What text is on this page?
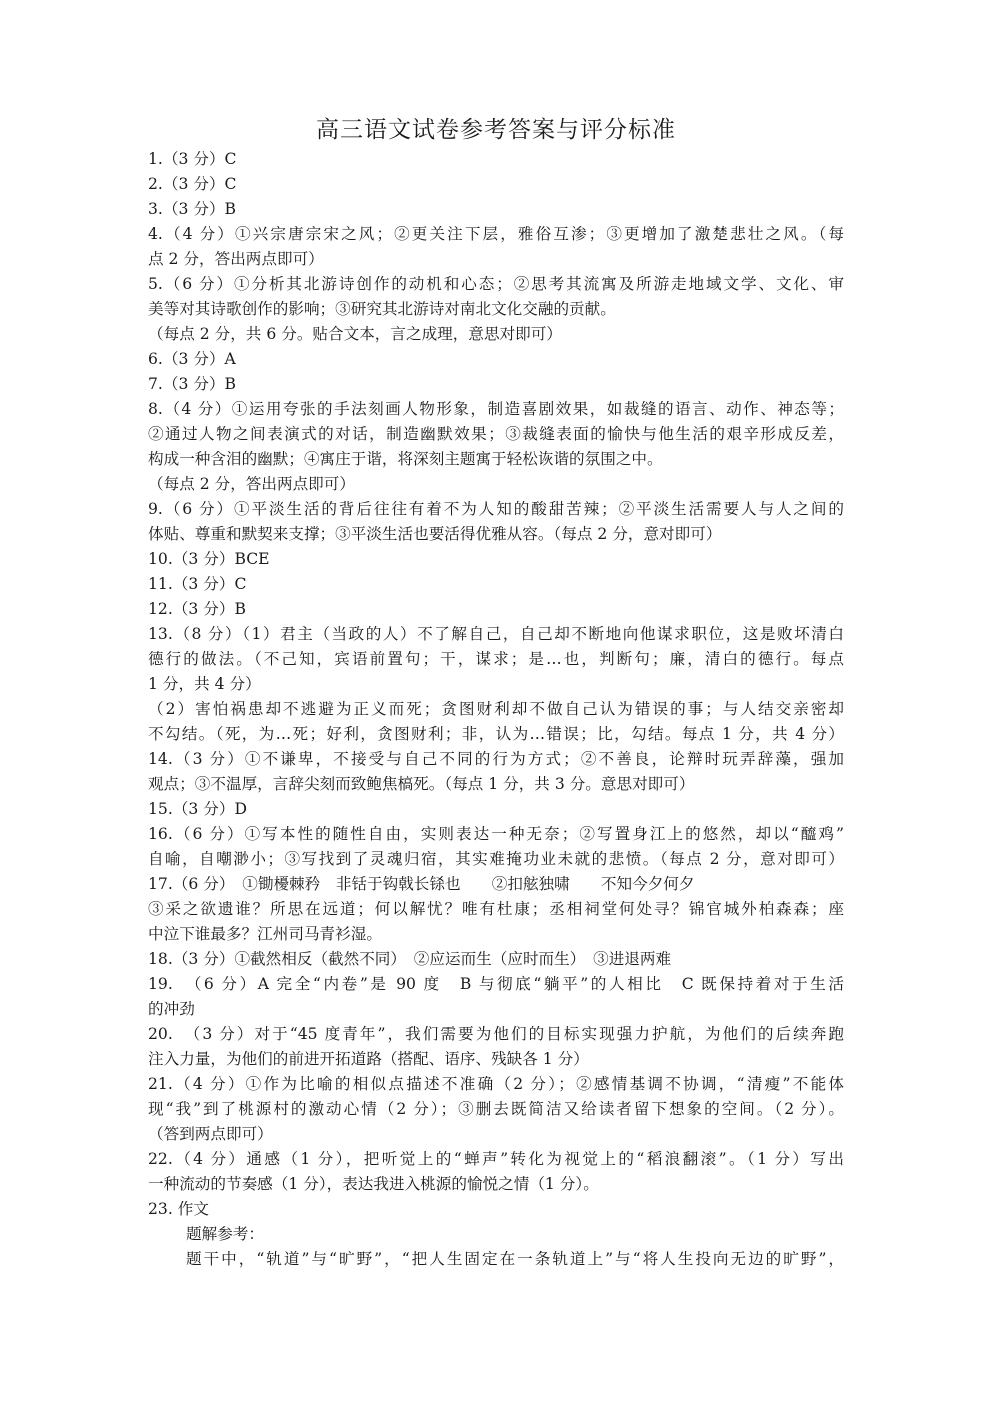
高三语文试卷参考答案与评分标准
1.（3 分）C
2.（3 分）C
3.（3 分）B
4.（4 分）①兴宗唐宗宋之风；②更关注下层，雅俗互渗；③更增加了激楚悲壮之风。（每
点 2 分，答出两点即可）
5.（6 分）①分析其北游诗创作的动机和心态；②思考其流寓及所游走地域文学、文化、审
美等对其诗歌创作的影响；③研究其北游诗对南北文化交融的贡献。
（每点 2 分，共 6 分。贴合文本，言之成理，意思对即可）
6.（3 分）A
7.（3 分）B
8.（4 分）①运用夸张的手法刻画人物形象，制造喜剧效果，如裁缝的语言、动作、神态等；
②通过人物之间表演式的对话，制造幽默效果；③裁缝表面的愉快与他生活的艰辛形成反差，
构成一种含泪的幽默；④寓庄于谐，将深刻主题寓于轻松诙谐的氛围之中。
（每点 2 分，答出两点即可）
9.（6 分）①平淡生活的背后往往有着不为人知的酸甜苦辣；②平淡生活需要人与人之间的
体贴、尊重和默契来支撑；③平淡生活也要活得优雅从容。（每点 2 分，意对即可）
10.（3 分）BCE
11.（3 分）C
12.（3 分）B
13.（8 分）（1）君主（当政的人）不了解自己，自己却不断地向他谋求职位，这是败坏清白
德行的做法。（不己知，宾语前置句；干，谋求；是…也，判断句；廉，清白的德行。每点
1 分，共 4 分）
（2）害怕祸患却不逃避为正义而死；贪图财利却不做自己认为错误的事；与人结交亲密却
不勾结。（死，为…死；好利，贪图财利；非，认为…错误；比，勾结。每点 1 分，共 4 分）
14.（3 分）①不谦卑，不接受与自己不同的行为方式；②不善良，论辩时玩弄辞藻，强加
观点；③不温厚，言辞尖刻而致鲍焦槁死。（每点 1 分，共 3 分。意思对即可）
15.（3 分）D
16.（6 分）①写本性的随性自由，实则表达一种无奈；②写置身江上的悠然，却以“醯鸡”
自喻，自嘲渺小；③写找到了灵魂归宿，其实难掩功业未就的悲愤。（每点 2 分，意对即可）
17.（6 分）　①锄櫌棘矜　非铦于钩戟长铩也　　②扣舷独啸　　不知今夕何夕
③采之欲遗谁？所思在远道；何以解忧？唯有杜康；丞相祠堂何处寻？锦官城外柏森森；座
中泣下谁最多？江州司马青衫湿。
18.（3 分）①截然相反（截然不同）　②应运而生（应时而生）　③进退两难
19.　（6 分）A 完全“内卷”是 90 度　B 与彻底“躺平”的人相比　C 既保持着对于生活
的冲劲
20.　（3 分）对于“45 度青年”，我们需要为他们的目标实现强力护航，为他们的后续奔跑
注入力量，为他们的前进开拓道路（搭配、语序、残缺各 1 分）
21.（4 分）①作为比喻的相似点描述不准确（2 分）；②感情基调不协调，“清瘦”不能体
现“我”到了桃源村的激动心情（2 分）；③删去既简洁又给读者留下想象的空间。（2 分）。
（答到两点即可）
22.（4 分）通感（1 分），把听觉上的“蝉声”转化为视觉上的“稻浪翻滚”。（1 分）写出
一种流动的节奏感（1 分），表达我进入桃源的愉悦之情（1 分）。
23. 作文
题解参考：
题干中，“轨道”与“旷野”，“把人生固定在一条轨道上”与“将人生投向无边的旷野”，
